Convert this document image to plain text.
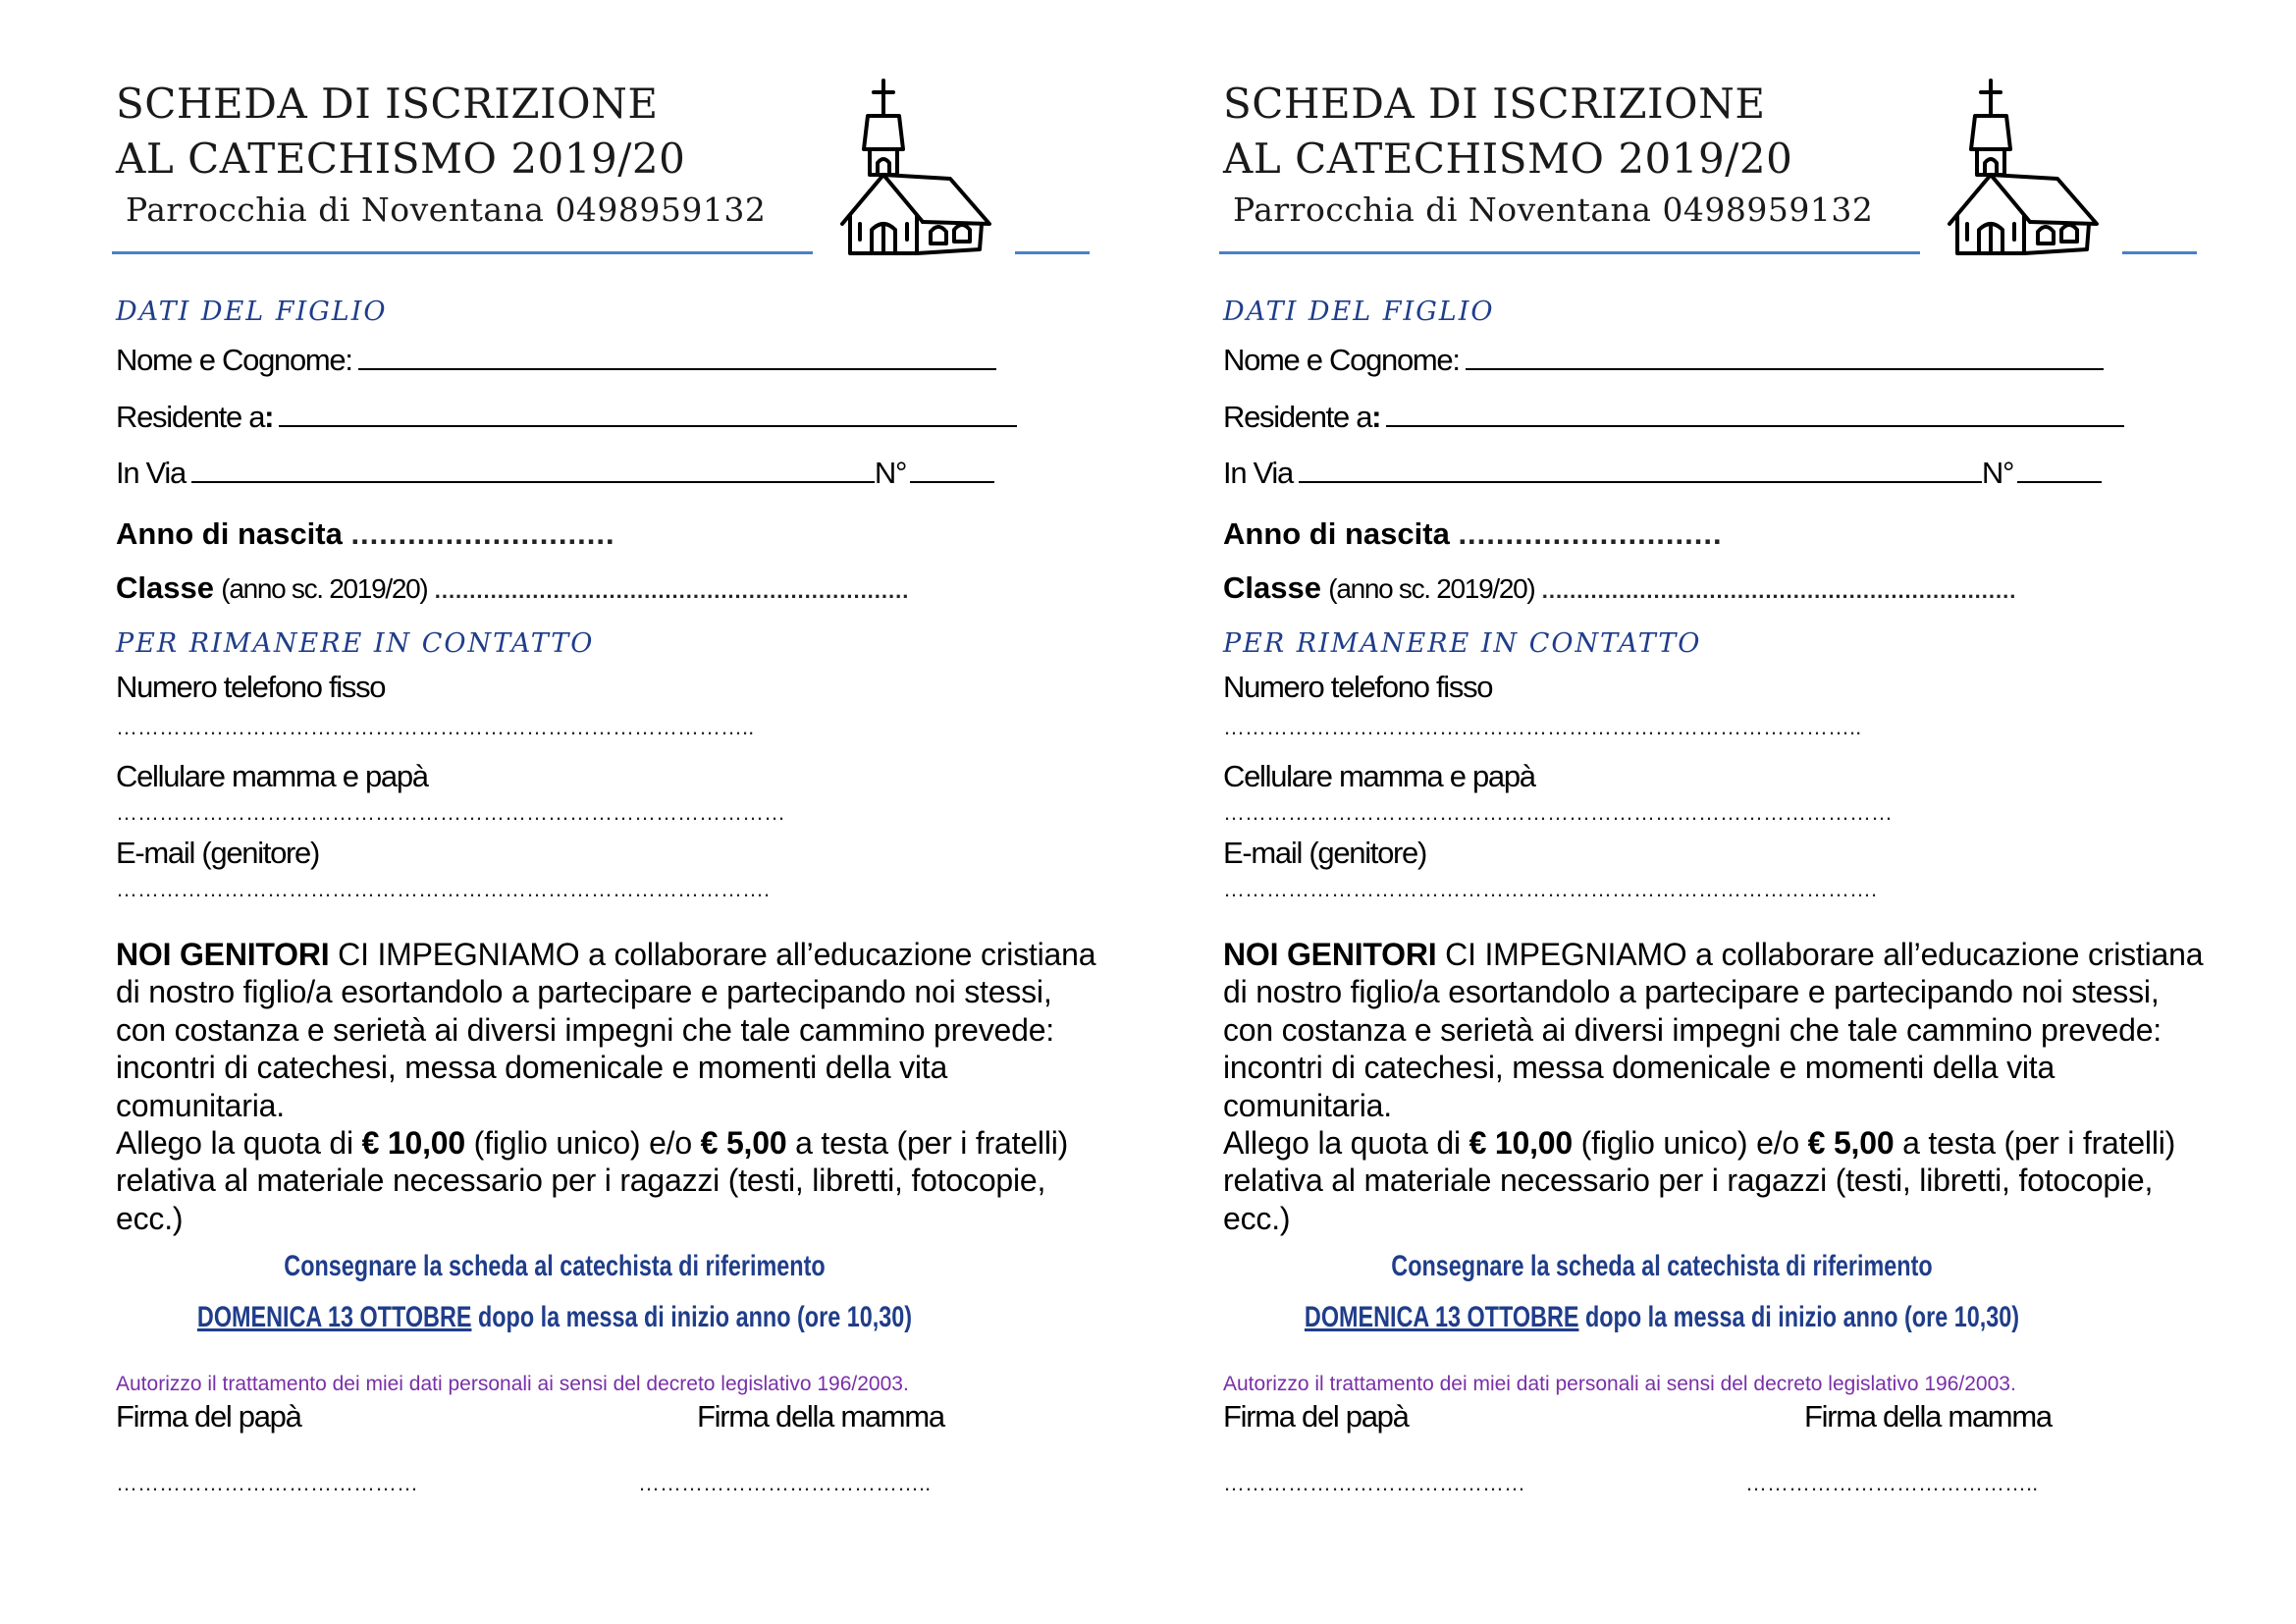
SCHEDA DI ISCRIZIONE
AL CATECHISMO 2019/20
Parrocchia di Noventana 0498959132
DATI DEL FIGLIO
Nome e Cognome:
Residente a:
In Via	N°
Anno di nascita ............................
Classe (anno sc. 2019/20) ....................................................................
PER RIMANERE IN CONTATTO
Numero telefono fisso
……………………………………………………………………………..
Cellulare mamma e papà
…………………………………………………………………………………
E-mail (genitore)
……………………………………………………………………………….
NOI GENITORI CI IMPEGNIAMO a collaborare all’educazione cristiana di nostro figlio/a esortandolo a partecipare e partecipando noi stessi, con costanza e serietà ai diversi impegni che tale cammino prevede: incontri di catechesi, messa domenicale e momenti della vita comunitaria.
Allego la quota di € 10,00 (figlio unico) e/o € 5,00 a testa (per i fratelli) relativa al materiale necessario per i ragazzi (testi, libretti, fotocopie, ecc.)
Consegnare la scheda al catechista di riferimento
DOMENICA 13 OTTOBRE dopo la messa di inizio anno (ore 10,30)
Autorizzo il trattamento dei miei dati personali ai sensi del decreto legislativo 196/2003.
Firma del papà	Firma della mamma
……………………………………	…………………………………..
SCHEDA DI ISCRIZIONE
AL CATECHISMO 2019/20
Parrocchia di Noventana 0498959132
DATI DEL FIGLIO
Nome e Cognome:
Residente a:
In Via	N°
Anno di nascita ............................
Classe (anno sc. 2019/20) ....................................................................
PER RIMANERE IN CONTATTO
Numero telefono fisso
……………………………………………………………………………..
Cellulare mamma e papà
…………………………………………………………………………………
E-mail (genitore)
……………………………………………………………………………….
NOI GENITORI CI IMPEGNIAMO a collaborare all’educazione cristiana di nostro figlio/a esortandolo a partecipare e partecipando noi stessi, con costanza e serietà ai diversi impegni che tale cammino prevede: incontri di catechesi, messa domenicale e momenti della vita comunitaria.
Allego la quota di € 10,00 (figlio unico) e/o € 5,00 a testa (per i fratelli) relativa al materiale necessario per i ragazzi (testi, libretti, fotocopie, ecc.)
Consegnare la scheda al catechista di riferimento
DOMENICA 13 OTTOBRE dopo la messa di inizio anno (ore 10,30)
Autorizzo il trattamento dei miei dati personali ai sensi del decreto legislativo 196/2003.
Firma del papà	Firma della mamma
……………………………………	…………………………………..
